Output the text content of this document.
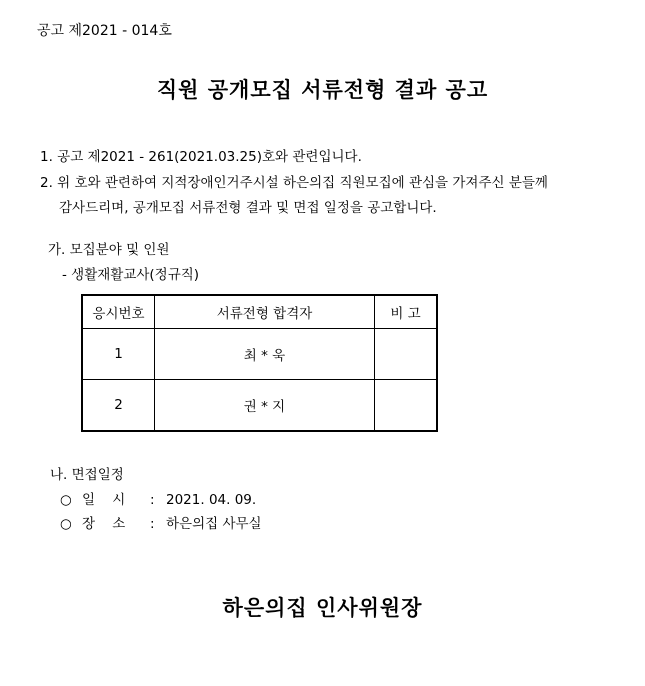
공고 제2021 - 014호
직원 공개모집 서류전형 결과 공고
1. 공고 제2021 - 261(2021.03.25)호와 관련입니다.
2. 위 호와 관련하여 지적장애인거주시설 하은의집 직원모집에 관심을 가져주신 분들께
감사드리며, 공개모집 서류전형 결과 및 면접 일정을 공고합니다.
가. 모집분야 및 인원
- 생활재활교사(정규직)
응시번호	서류전형 합격자	비 고
1	최 * 욱	
2	권 * 지	
나. 면접일정
○ 일    시 : 2021. 04. 09.
○ 장    소 : 하은의집 사무실
하은의집 인사위원장
